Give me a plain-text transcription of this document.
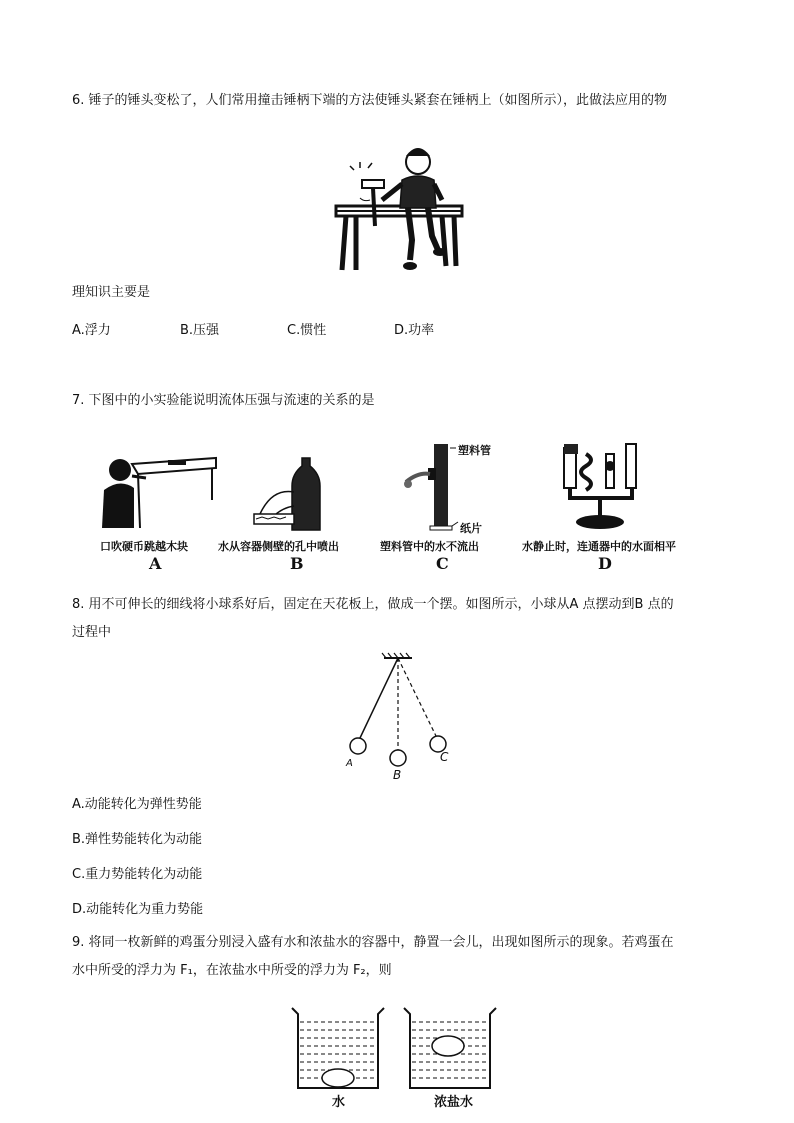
6. 锤子的锤头变松了，人们常用撞击锤柄下端的方法使锤头紧套在锤柄上（如图所示），此做法应用的物
理知识主要是
A.浮力	B.压强	C.惯性	D.功率
7. 下图中的小实验能说明流体压强与流速的关系的是
塑料管
纸片
口吹硬币跳越木块	水从容器侧壁的孔中喷出	塑料管中的水不流出	水静止时，连通器中的水面相平
A	B	C	D
8. 用不可伸长的细线将小球系好后，固定在天花板上，做成一个摆。如图所示，小球从A 点摆动到B 点的
过程中
A
B
C
A.动能转化为弹性势能
B.弹性势能转化为动能
C.重力势能转化为动能
D.动能转化为重力势能
9. 将同一枚新鲜的鸡蛋分别浸入盛有水和浓盐水的容器中，静置一会儿，出现如图所示的现象。若鸡蛋在
水中所受的浮力为 F₁，在浓盐水中所受的浮力为 F₂，则
水	浓盐水
